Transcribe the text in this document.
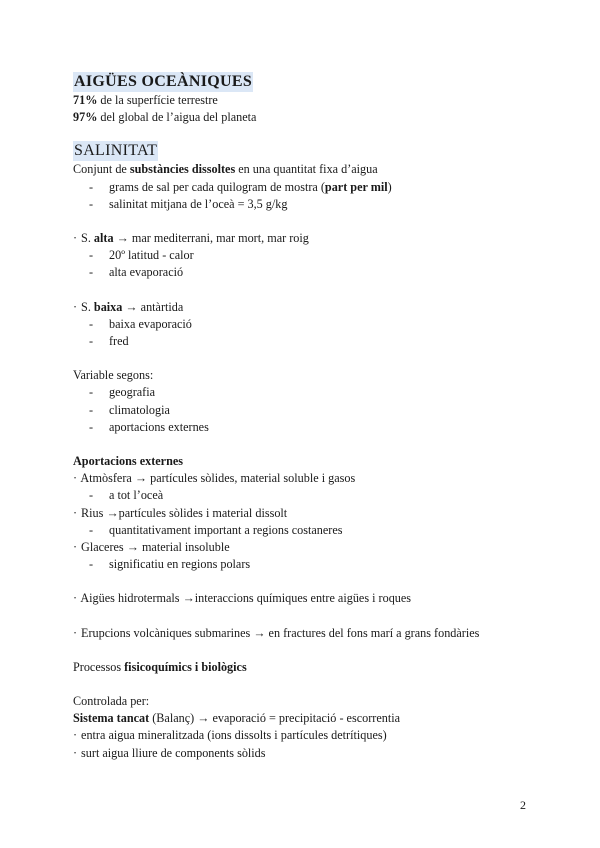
AIGÜES OCEÀNIQUES
71% de la superfície terrestre
97% del global de l’aigua del planeta
SALINITAT
Conjunt de substàncies dissoltes en una quantitat fixa d’aigua
- grams de sal per cada quilogram de mostra (part per mil)
- salinitat mitjana de l’oceà = 3,5 g/kg
· S. alta → mar mediterrani, mar mort, mar roig
- 20º latitud - calor
- alta evaporació
· S. baixa → antàrtida
- baixa evaporació
- fred
Variable segons:
- geografia
- climatologia
- aportacions externes
Aportacions externes
· Atmòsfera → partícules sòlides, material soluble i gasos
- a tot l’oceà
· Rius →partícules sòlides i material dissolt
- quantitativament important a regions costaneres
· Glaceres → material insoluble
- significatiu en regions polars
· Aigües hidrotermals →interaccions químiques entre aigües i roques
· Erupcions volcàniques submarines → en fractures del fons marí a grans fondàries
Processos fisicoquímics i biològics
Controlada per:
Sistema tancat (Balanç) → evaporació = precipitació - escorrentia
· entra aigua mineralitzada (ions dissolts i partícules detrítiques)
· surt aigua lliure de components sòlids
2
